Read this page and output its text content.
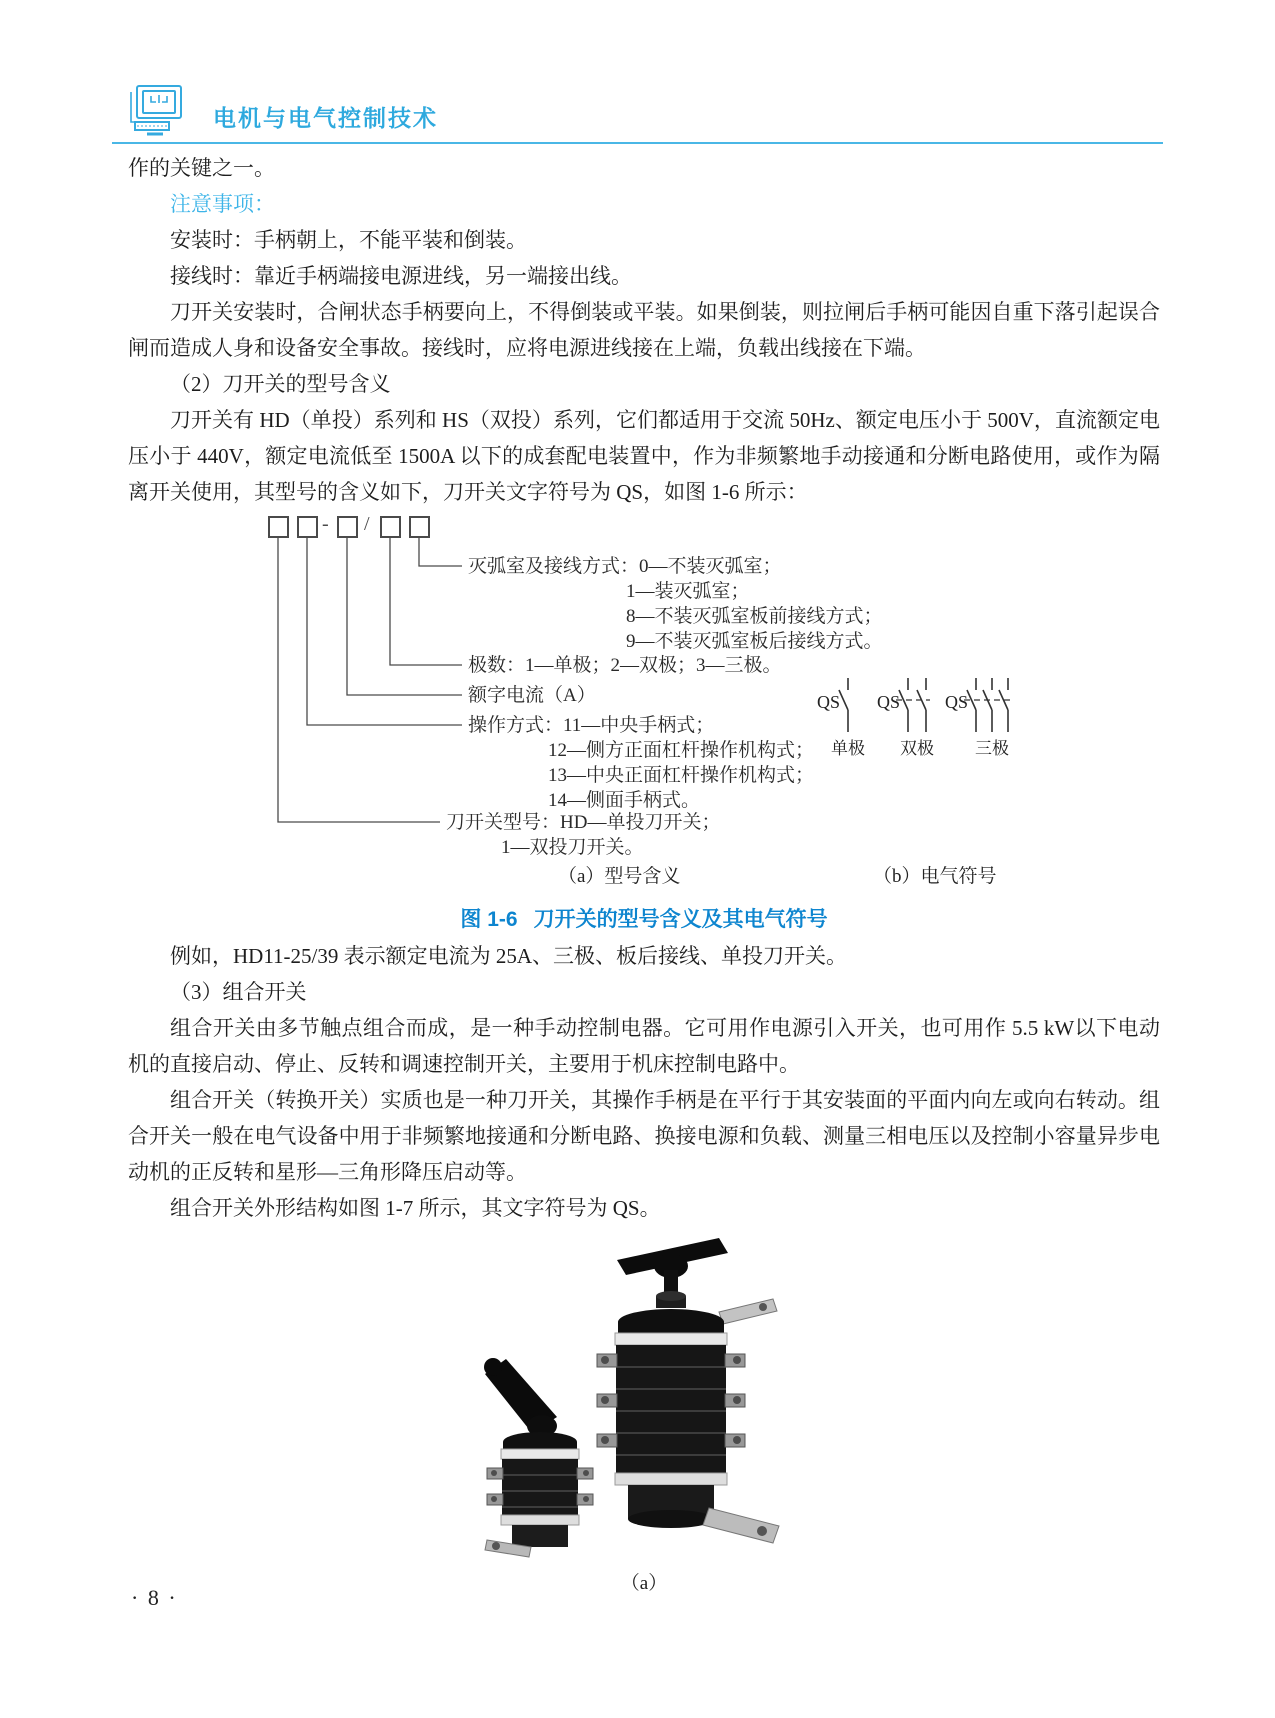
电机与电气控制技术

作的关键之一。

注意事项：

安装时：手柄朝上，不能平装和倒装。

接线时：靠近手柄端接电源进线，另一端接出线。

刀开关安装时，合闸状态手柄要向上，不得倒装或平装。如果倒装，则拉闸后手柄可能因自重下落引起误合闸而造成人身和设备安全事故。接线时，应将电源进线接在上端，负载出线接在下端。

（2）刀开关的型号含义

刀开关有 HD（单投）系列和 HS（双投）系列，它们都适用于交流 50Hz、额定电压小于 500V，直流额定电压小于 440V，额定电流低至 1500A 以下的成套配电装置中，作为非频繁地手动接通和分断电路使用，或作为隔离开关使用，其型号的含义如下，刀开关文字符号为 QS，如图 1-6 所示：

- /
灭弧室及接线方式：0—不装灭弧室；
1—装灭弧室；
8—不装灭弧室板前接线方式；
9—不装灭弧室板后接线方式。
极数：1—单极；2—双极；3—三极。
额字电流（A）
操作方式：11—中央手柄式；
12—侧方正面杠杆操作机构式；
13—中央正面杠杆操作机构式；
14—侧面手柄式。
刀开关型号：HD—单投刀开关；
1—双投刀开关。
QS QS QS
单极 双极 三极
（a）型号含义	（b）电气符号
图 1-6 刀开关的型号含义及其电气符号

例如，HD11-25/39 表示额定电流为 25A、三极、板后接线、单投刀开关。

（3）组合开关

组合开关由多节触点组合而成，是一种手动控制电器。它可用作电源引入开关，也可用作 5.5 kW以下电动机的直接启动、停止、反转和调速控制开关，主要用于机床控制电路中。

组合开关（转换开关）实质也是一种刀开关，其操作手柄是在平行于其安装面的平面内向左或向右转动。组合开关一般在电气设备中用于非频繁地接通和分断电路、换接电源和负载、测量三相电压以及控制小容量异步电动机的正反转和星形—三角形降压启动等。

组合开关外形结构如图 1-7 所示，其文字符号为 QS。

（a）
· 8 ·
